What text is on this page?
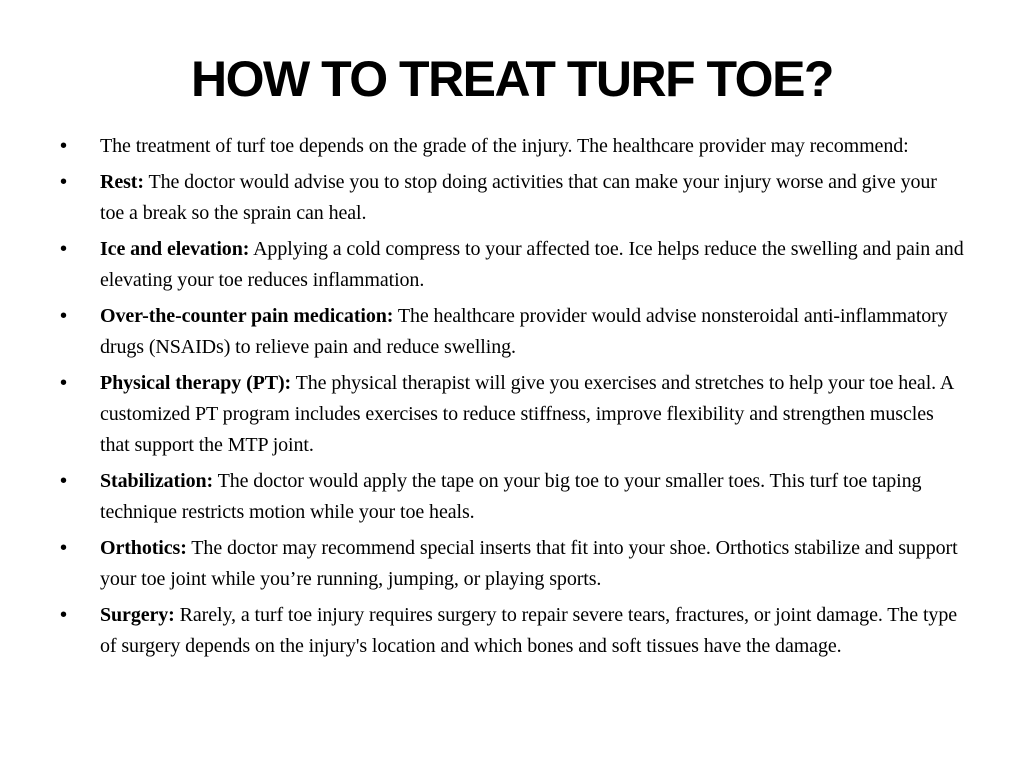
HOW TO TREAT TURF TOE?
• The treatment of turf toe depends on the grade of the injury. The healthcare provider may recommend:
• Rest: The doctor would advise you to stop doing activities that can make your injury worse and give your toe a break so the sprain can heal.
• Ice and elevation: Applying a cold compress to your affected toe. Ice helps reduce the swelling and pain and elevating your toe reduces inflammation.
• Over-the-counter pain medication: The healthcare provider would advise nonsteroidal anti-inflammatory drugs (NSAIDs) to relieve pain and reduce swelling.
• Physical therapy (PT): The physical therapist will give you exercises and stretches to help your toe heal. A customized PT program includes exercises to reduce stiffness, improve flexibility and strengthen muscles that support the MTP joint.
• Stabilization: The doctor would apply the tape on your big toe to your smaller toes. This turf toe taping technique restricts motion while your toe heals.
• Orthotics: The doctor may recommend special inserts that fit into your shoe. Orthotics stabilize and support your toe joint while you’re running, jumping, or playing sports.
• Surgery: Rarely, a turf toe injury requires surgery to repair severe tears, fractures, or joint damage. The type of surgery depends on the injury's location and which bones and soft tissues have the damage.
